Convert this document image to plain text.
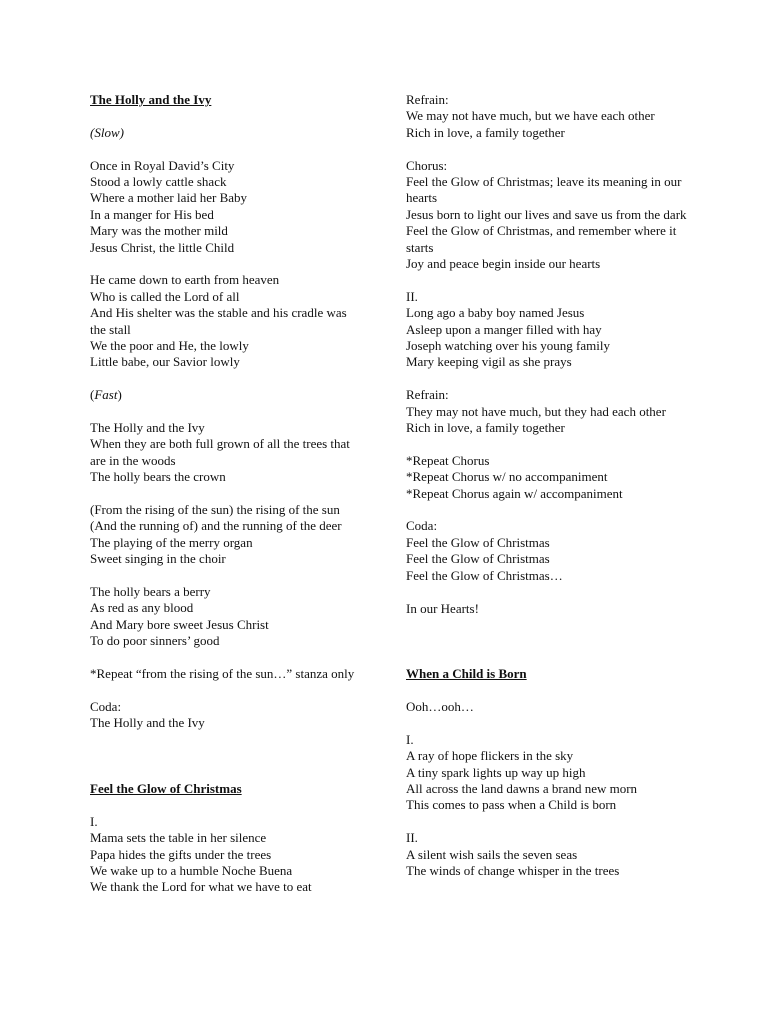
The Holly and the Ivy
(Slow)
Once in Royal David’s City
Stood a lowly cattle shack
Where a mother laid her Baby
In a manger for His bed
Mary was the mother mild
Jesus Christ, the little Child
He came down to earth from heaven
Who is called the Lord of all
And His shelter was the stable and his cradle was the stall
We the poor and He, the lowly
Little babe, our Savior lowly
(Fast)
The Holly and the Ivy
When they are both full grown of all the trees that are in the woods
The holly bears the crown
(From the rising of the sun) the rising of the sun
(And the running of) and the running of the deer
The playing of the merry organ
Sweet singing in the choir
The holly bears a berry
As red as any blood
And Mary bore sweet Jesus Christ
To do poor sinners’ good
*Repeat “from the rising of the sun…” stanza only
Coda:
The Holly and the Ivy
Feel the Glow of Christmas
I.
Mama sets the table in her silence
Papa hides the gifts under the trees
We wake up to a humble Noche Buena
We thank the Lord for what we have to eat
Refrain:
We may not have much, but we have each other
Rich in love, a family together
Chorus:
Feel the Glow of Christmas; leave its meaning in our hearts
Jesus born to light our lives and save us from the dark
Feel the Glow of Christmas, and remember where it starts
Joy and peace begin inside our hearts
II.
Long ago a baby boy named Jesus
Asleep upon a manger filled with hay
Joseph watching over his young family
Mary keeping vigil as she prays
Refrain:
They may not have much, but they had each other
Rich in love, a family together
*Repeat Chorus
*Repeat Chorus w/ no accompaniment
*Repeat Chorus again w/ accompaniment
Coda:
Feel the Glow of Christmas
Feel the Glow of Christmas
Feel the Glow of Christmas…
In our Hearts!
When a Child is Born
Ooh…ooh…
I.
A ray of hope flickers in the sky
A tiny spark lights up way up high
All across the land dawns a brand new morn
This comes to pass when a Child is born
II.
A silent wish sails the seven seas
The winds of change whisper in the trees
